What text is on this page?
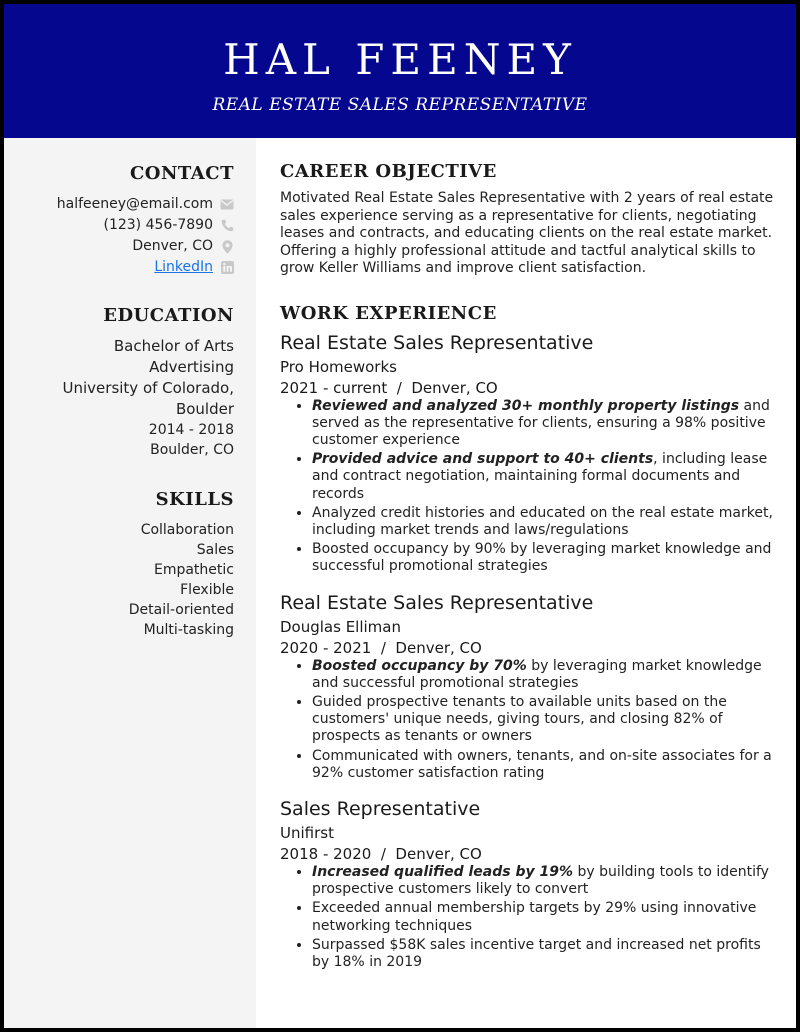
HAL FEENEY
REAL ESTATE SALES REPRESENTATIVE
CONTACT
halfeeney@email.com
(123) 456-7890
Denver, CO
LinkedIn
EDUCATION
Bachelor of Arts
Advertising
University of Colorado,
Boulder
2014 - 2018
Boulder, CO
SKILLS
Collaboration
Sales
Empathetic
Flexible
Detail-oriented
Multi-tasking
CAREER OBJECTIVE
Motivated Real Estate Sales Representative with 2 years of real estate sales experience serving as a representative for clients, negotiating leases and contracts, and educating clients on the real estate market. Offering a highly professional attitude and tactful analytical skills to grow Keller Williams and improve client satisfaction.
WORK EXPERIENCE
Real Estate Sales Representative
Pro Homeworks
2021 - current  /  Denver, CO
• Reviewed and analyzed 30+ monthly property listings and served as the representative for clients, ensuring a 98% positive customer experience
• Provided advice and support to 40+ clients, including lease and contract negotiation, maintaining formal documents and records
• Analyzed credit histories and educated on the real estate market, including market trends and laws/regulations
• Boosted occupancy by 90% by leveraging market knowledge and successful promotional strategies
Real Estate Sales Representative
Douglas Elliman
2020 - 2021  /  Denver, CO
• Boosted occupancy by 70% by leveraging market knowledge and successful promotional strategies
• Guided prospective tenants to available units based on the customers' unique needs, giving tours, and closing 82% of prospects as tenants or owners
• Communicated with owners, tenants, and on-site associates for a 92% customer satisfaction rating
Sales Representative
Unifirst
2018 - 2020  /  Denver, CO
• Increased qualified leads by 19% by building tools to identify prospective customers likely to convert
• Exceeded annual membership targets by 29% using innovative networking techniques
• Surpassed $58K sales incentive target and increased net profits by 18% in 2019
